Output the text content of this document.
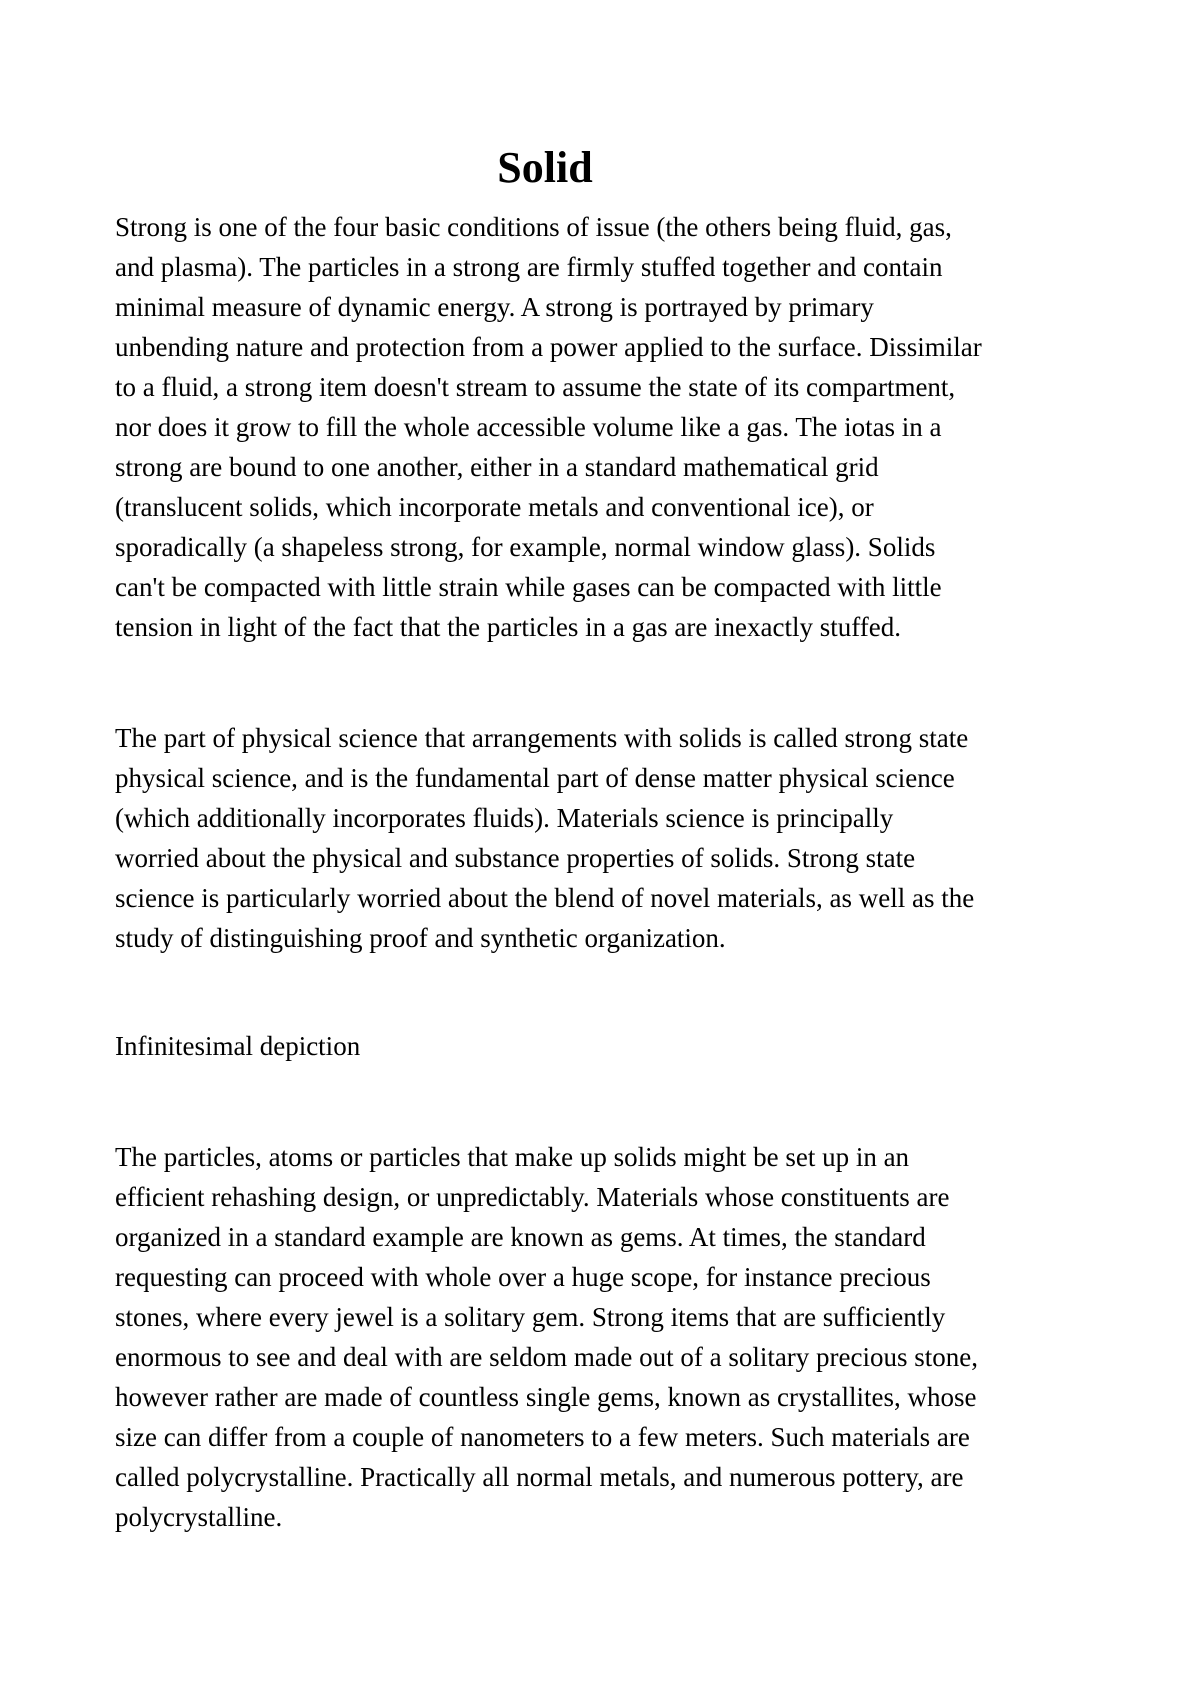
Solid

Strong is one of the four basic conditions of issue (the others being fluid, gas,
and plasma). The particles in a strong are firmly stuffed together and contain
minimal measure of dynamic energy. A strong is portrayed by primary
unbending nature and protection from a power applied to the surface. Dissimilar
to a fluid, a strong item doesn't stream to assume the state of its compartment,
nor does it grow to fill the whole accessible volume like a gas. The iotas in a
strong are bound to one another, either in a standard mathematical grid
(translucent solids, which incorporate metals and conventional ice), or
sporadically (a shapeless strong, for example, normal window glass). Solids
can't be compacted with little strain while gases can be compacted with little
tension in light of the fact that the particles in a gas are inexactly stuffed.

The part of physical science that arrangements with solids is called strong state
physical science, and is the fundamental part of dense matter physical science
(which additionally incorporates fluids). Materials science is principally
worried about the physical and substance properties of solids. Strong state
science is particularly worried about the blend of novel materials, as well as the
study of distinguishing proof and synthetic organization.

Infinitesimal depiction

The particles, atoms or particles that make up solids might be set up in an
efficient rehashing design, or unpredictably. Materials whose constituents are
organized in a standard example are known as gems. At times, the standard
requesting can proceed with whole over a huge scope, for instance precious
stones, where every jewel is a solitary gem. Strong items that are sufficiently
enormous to see and deal with are seldom made out of a solitary precious stone,
however rather are made of countless single gems, known as crystallites, whose
size can differ from a couple of nanometers to a few meters. Such materials are
called polycrystalline. Practically all normal metals, and numerous pottery, are
polycrystalline.
